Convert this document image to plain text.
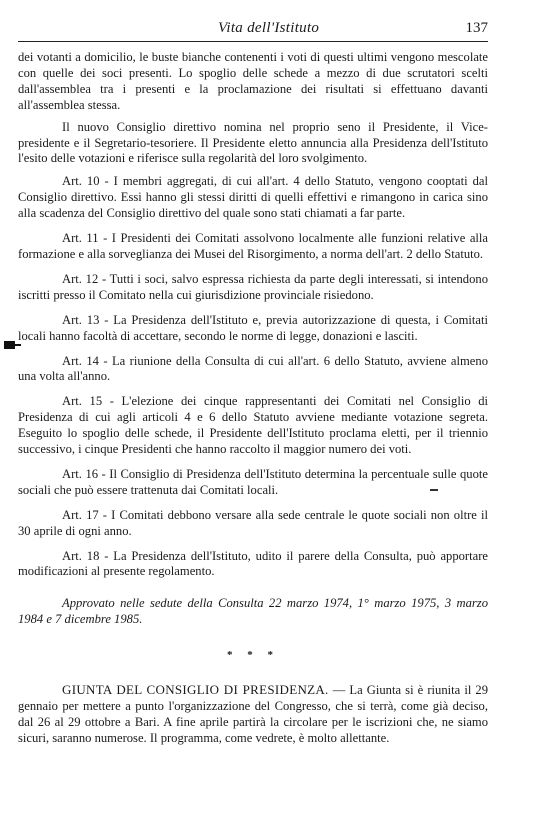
Vita dell'Istituto	137

dei votanti a domicilio, le buste bianche contenenti i voti di questi ultimi vengono mescolate con quelle dei soci presenti. Lo spoglio delle schede a mezzo di due scrutatori scelti dall'assemblea tra i presenti e la proclamazione dei risultati si effettuano davanti all'assemblea stessa.

Il nuovo Consiglio direttivo nomina nel proprio seno il Presidente, il Vice-presidente e il Segretario-tesoriere. Il Presidente eletto annuncia alla Presidenza dell'Istituto l'esito delle votazioni e riferisce sulla regolarità del loro svolgimento.

Art. 10 - I membri aggregati, di cui all'art. 4 dello Statuto, vengono cooptati dal Consiglio direttivo. Essi hanno gli stessi diritti di quelli effettivi e rimangono in carica sino alla scadenza del Consiglio direttivo del quale sono stati chiamati a far parte.

Art. 11 - I Presidenti dei Comitati assolvono localmente alle funzioni relative alla formazione e alla sorveglianza dei Musei del Risorgimento, a norma dell'art. 2 dello Statuto.

Art. 12 - Tutti i soci, salvo espressa richiesta da parte degli interessati, si intendono iscritti presso il Comitato nella cui giurisdizione provinciale risiedono.

Art. 13 - La Presidenza dell'Istituto e, previa autorizzazione di questa, i Comitati locali hanno facoltà di accettare, secondo le norme di legge, donazioni e lasciti.

Art. 14 - La riunione della Consulta di cui all'art. 6 dello Statuto, avviene almeno una volta all'anno.

Art. 15 - L'elezione dei cinque rappresentanti dei Comitati nel Consiglio di Presidenza di cui agli articoli 4 e 6 dello Statuto avviene mediante votazione segreta. Eseguito lo spoglio delle schede, il Presidente dell'Istituto proclama eletti, per il triennio successivo, i cinque Presidenti che hanno raccolto il maggior numero dei voti.

Art. 16 - Il Consiglio di Presidenza dell'Istituto determina la percentuale sulle quote sociali che può essere trattenuta dai Comitati locali.

Art. 17 - I Comitati debbono versare alla sede centrale le quote sociali non oltre il 30 aprile di ogni anno.

Art. 18 - La Presidenza dell'Istituto, udito il parere della Consulta, può apportare modificazioni al presente regolamento.

Approvato nelle sedute della Consulta 22 marzo 1974, 1° marzo 1975, 3 marzo 1984 e 7 dicembre 1985.

* * *

GIUNTA DEL CONSIGLIO DI PRESIDENZA. — La Giunta si è riunita il 29 gennaio per mettere a punto l'organizzazione del Congresso, che si terrà, come già deciso, dal 26 al 29 ottobre a Bari. A fine aprile partirà la circolare per le iscrizioni che, ne siamo sicuri, saranno numerose. Il programma, come vedrete, è molto allettante.
